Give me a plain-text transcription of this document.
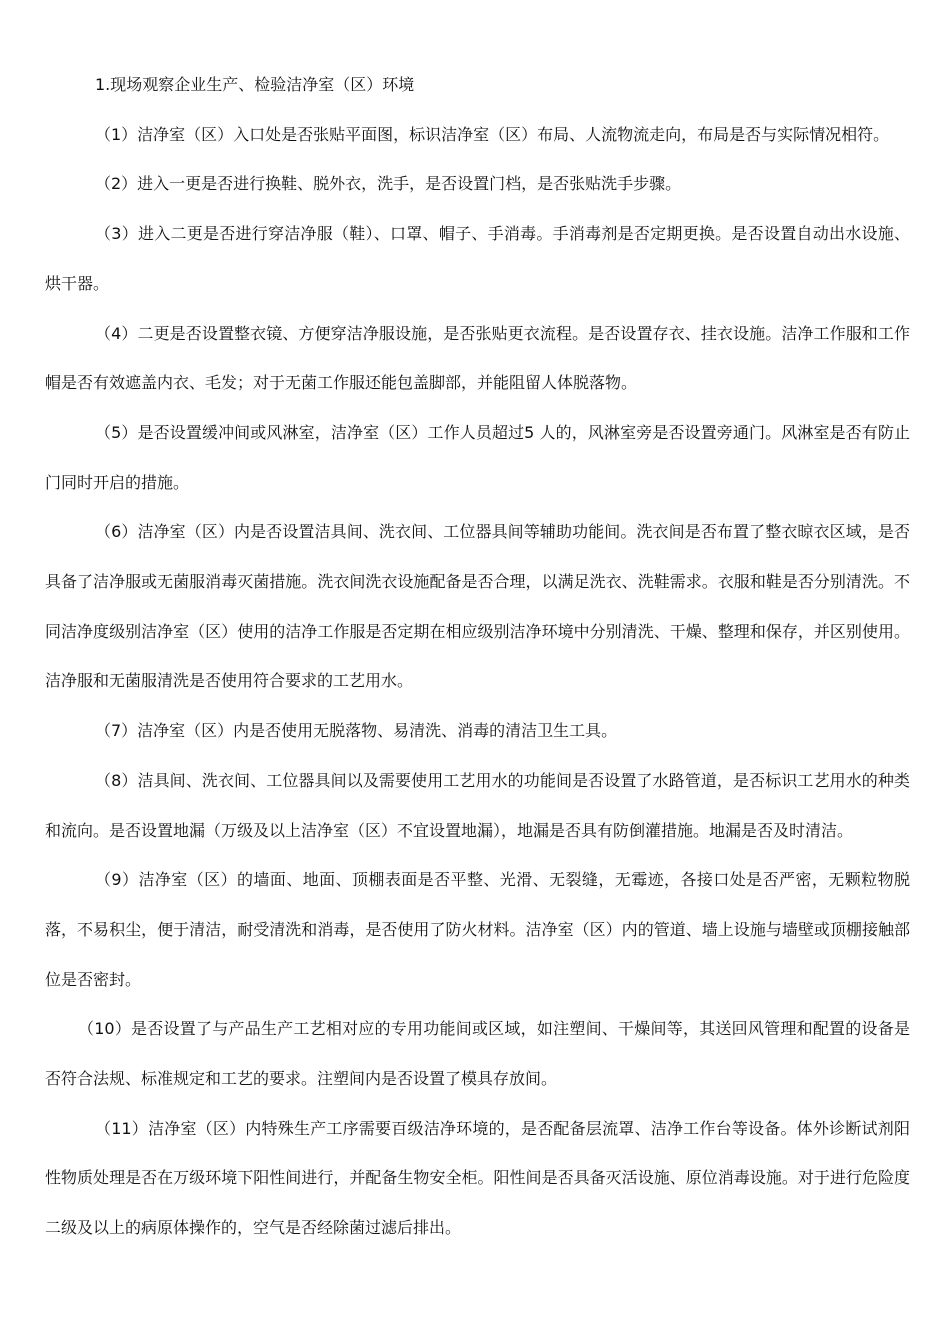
1.现场观察企业生产、检验洁净室（区）环境

（1）洁净室（区）入口处是否张贴平面图，标识洁净室（区）布局、人流物流走向，布局是否与实际情况相符。

（2）进入一更是否进行换鞋、脱外衣，洗手，是否设置门档，是否张贴洗手步骤。

（3）进入二更是否进行穿洁净服（鞋）、口罩、帽子、手消毒。手消毒剂是否定期更换。是否设置自动出水设施、烘干器。

（4）二更是否设置整衣镜、方便穿洁净服设施，是否张贴更衣流程。是否设置存衣、挂衣设施。洁净工作服和工作帽是否有效遮盖内衣、毛发；对于无菌工作服还能包盖脚部，并能阻留人体脱落物。

（5）是否设置缓冲间或风淋室，洁净室（区）工作人员超过5 人的，风淋室旁是否设置旁通门。风淋室是否有防止门同时开启的措施。

（6）洁净室（区）内是否设置洁具间、洗衣间、工位器具间等辅助功能间。洗衣间是否布置了整衣晾衣区域，是否具备了洁净服或无菌服消毒灭菌措施。洗衣间洗衣设施配备是否合理，以满足洗衣、洗鞋需求。衣服和鞋是否分别清洗。不同洁净度级别洁净室（区）使用的洁净工作服是否定期在相应级别洁净环境中分别清洗、干燥、整理和保存，并区别使用。洁净服和无菌服清洗是否使用符合要求的工艺用水。

（7）洁净室（区）内是否使用无脱落物、易清洗、消毒的清洁卫生工具。

（8）洁具间、洗衣间、工位器具间以及需要使用工艺用水的功能间是否设置了水路管道，是否标识工艺用水的种类和流向。是否设置地漏（万级及以上洁净室（区）不宜设置地漏），地漏是否具有防倒灌措施。地漏是否及时清洁。

（9）洁净室（区）的墙面、地面、顶棚表面是否平整、光滑、无裂缝，无霉迹，各接口处是否严密，无颗粒物脱落，不易积尘，便于清洁，耐受清洗和消毒，是否使用了防火材料。洁净室（区）内的管道、墙上设施与墙壁或顶棚接触部位是否密封。

（10）是否设置了与产品生产工艺相对应的专用功能间或区域，如注塑间、干燥间等，其送回风管理和配置的设备是否符合法规、标准规定和工艺的要求。注塑间内是否设置了模具存放间。

（11）洁净室（区）内特殊生产工序需要百级洁净环境的，是否配备层流罩、洁净工作台等设备。体外诊断试剂阳性物质处理是否在万级环境下阳性间进行，并配备生物安全柜。阳性间是否具备灭活设施、原位消毒设施。对于进行危险度二级及以上的病原体操作的，空气是否经除菌过滤后排出。
